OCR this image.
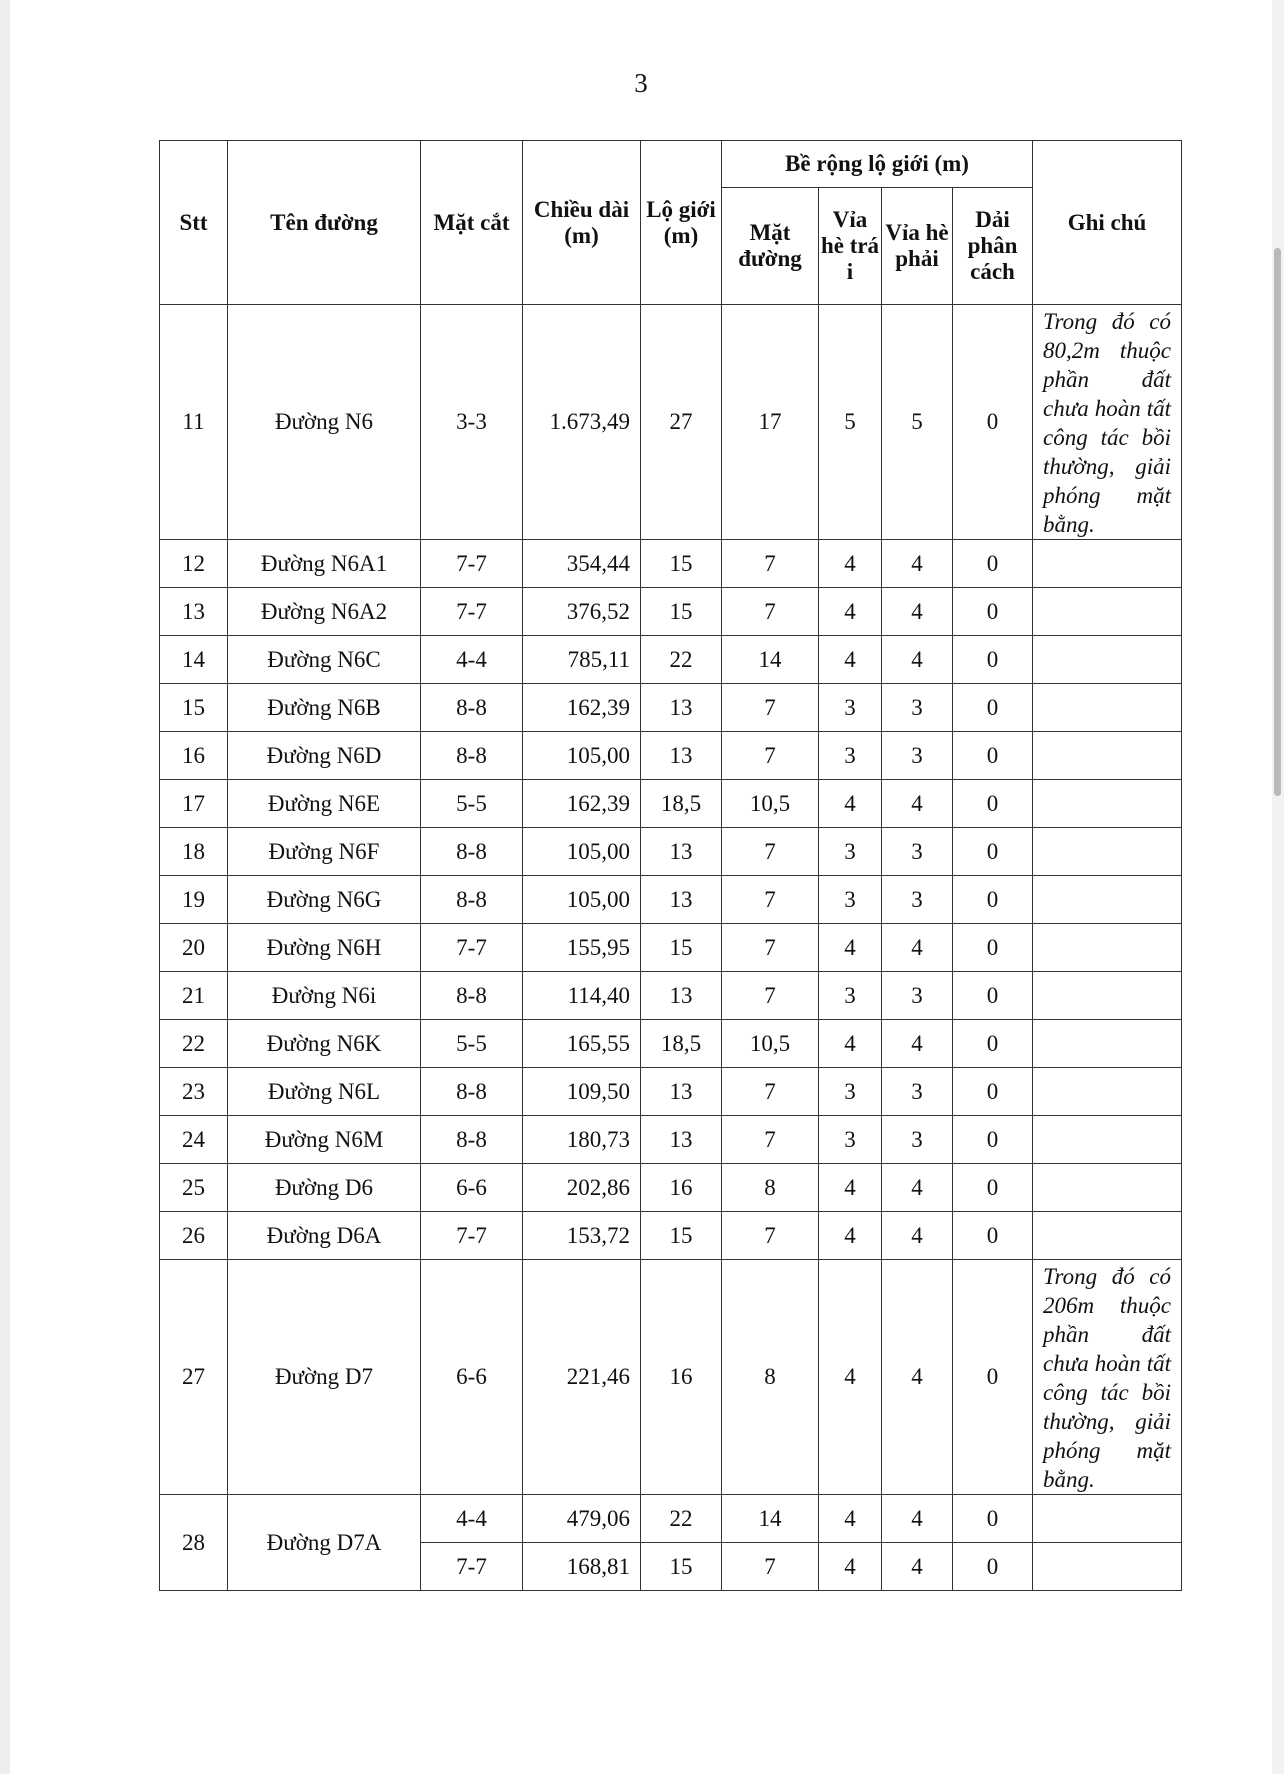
3
Stt	Tên đường	Mặt cắt	Chiều dài (m)	Lộ giới (m)	Bề rộng lộ giới (m)				Ghi chú
					Mặt đường	Vỉa hè trá i	Vỉa hè phải	Dải phân cách	
11	Đường N6	3-3	1.673,49	27	17	5	5	0	Trong đó có 80,2m thuộc phần đất chưa hoàn tất công tác bồi thường, giải phóng mặt bằng.
12	Đường N6A1	7-7	354,44	15	7	4	4	0	
13	Đường N6A2	7-7	376,52	15	7	4	4	0	
14	Đường N6C	4-4	785,11	22	14	4	4	0	
15	Đường N6B	8-8	162,39	13	7	3	3	0	
16	Đường N6D	8-8	105,00	13	7	3	3	0	
17	Đường N6E	5-5	162,39	18,5	10,5	4	4	0	
18	Đường N6F	8-8	105,00	13	7	3	3	0	
19	Đường N6G	8-8	105,00	13	7	3	3	0	
20	Đường N6H	7-7	155,95	15	7	4	4	0	
21	Đường N6i	8-8	114,40	13	7	3	3	0	
22	Đường N6K	5-5	165,55	18,5	10,5	4	4	0	
23	Đường N6L	8-8	109,50	13	7	3	3	0	
24	Đường N6M	8-8	180,73	13	7	3	3	0	
25	Đường D6	6-6	202,86	16	8	4	4	0	
26	Đường D6A	7-7	153,72	15	7	4	4	0	
27	Đường D7	6-6	221,46	16	8	4	4	0	Trong đó có 206m thuộc phần đất chưa hoàn tất công tác bồi thường, giải phóng mặt bằng.
28	Đường D7A	4-4	479,06	22	14	4	4	0	
		7-7	168,81	15	7	4	4	0	
